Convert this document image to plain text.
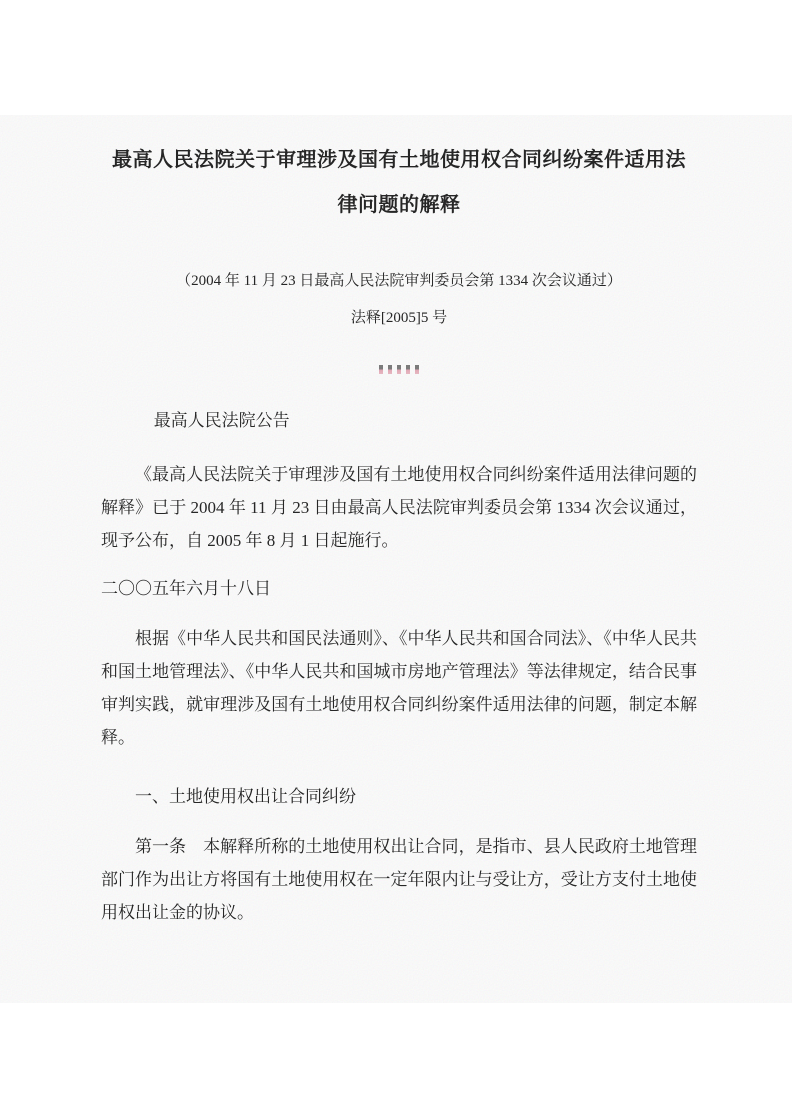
最高人民法院关于审理涉及国有土地使用权合同纠纷案件适用法
律问题的解释

（2004 年 11 月 23 日最高人民法院审判委员会第 1334 次会议通过）

法释[2005]5 号

最高人民法院公告

《最高人民法院关于审理涉及国有土地使用权合同纠纷案件适用法律问题的解释》已于 2004 年 11 月 23 日由最高人民法院审判委员会第 1334 次会议通过，现予公布，自 2005 年 8 月 1 日起施行。

二〇〇五年六月十八日

根据《中华人民共和国民法通则》、《中华人民共和国合同法》、《中华人民共和国土地管理法》、《中华人民共和国城市房地产管理法》等法律规定，结合民事审判实践，就审理涉及国有土地使用权合同纠纷案件适用法律的问题，制定本解释。

一、土地使用权出让合同纠纷

第一条　本解释所称的土地使用权出让合同，是指市、县人民政府土地管理部门作为出让方将国有土地使用权在一定年限内让与受让方，受让方支付土地使用权出让金的协议。
